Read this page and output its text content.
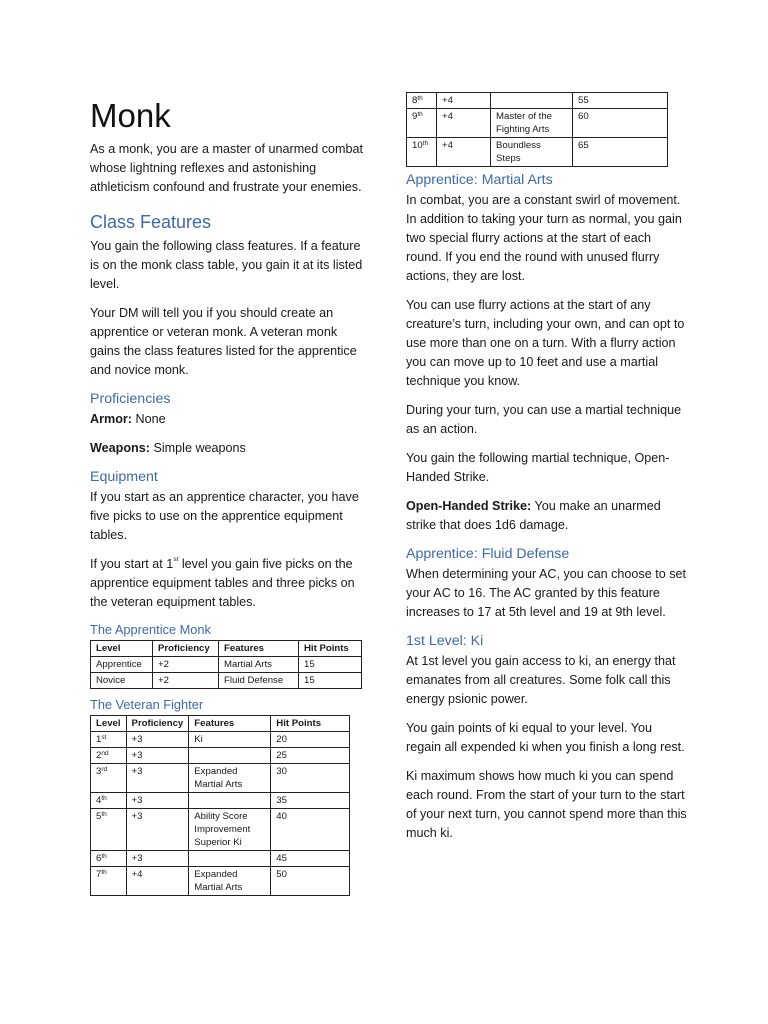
Monk

As a monk, you are a master of unarmed combat whose lightning reflexes and astonishing athleticism confound and frustrate your enemies.

Class Features

You gain the following class features. If a feature is on the monk class table, you gain it at its listed level.

Your DM will tell you if you should create an apprentice or veteran monk. A veteran monk gains the class features listed for the apprentice and novice monk.

Proficiencies

Armor: None

Weapons: Simple weapons

Equipment

If you start as an apprentice character, you have five picks to use on the apprentice equipment tables.

If you start at 1st level you gain five picks on the apprentice equipment tables and three picks on the veteran equipment tables.

The Apprentice Monk
Level	Proficiency	Features	Hit Points
Apprentice	+2	Martial Arts	15
Novice	+2	Fluid Defense	15
The Veteran Fighter
Level	Proficiency	Features	Hit Points
1st	+3	Ki	20
2nd	+3		25
3rd	+3	Expanded Martial Arts	30
4th	+3		35
5th	+3	Ability Score Improvement Superior Ki	40
6th	+3		45
7th	+4	Expanded Martial Arts	50
8th	+4		55
9th	+4	Master of the Fighting Arts	60
10th	+4	Boundless Steps	65
Apprentice: Martial Arts

In combat, you are a constant swirl of movement. In addition to taking your turn as normal, you gain two special flurry actions at the start of each round. If you end the round with unused flurry actions, they are lost.

You can use flurry actions at the start of any creature’s turn, including your own, and can opt to use more than one on a turn. With a flurry action you can move up to 10 feet and use a martial technique you know.

During your turn, you can use a martial technique as an action.

You gain the following martial technique, Open-Handed Strike.

Open-Handed Strike: You make an unarmed strike that does 1d6 damage.

Apprentice: Fluid Defense

When determining your AC, you can choose to set your AC to 16. The AC granted by this feature increases to 17 at 5th level and 19 at 9th level.

1st Level: Ki

At 1st level you gain access to ki, an energy that emanates from all creatures. Some folk call this energy psionic power.

You gain points of ki equal to your level. You regain all expended ki when you finish a long rest.

Ki maximum shows how much ki you can spend each round. From the start of your turn to the start of your next turn, you cannot spend more than this much ki.
